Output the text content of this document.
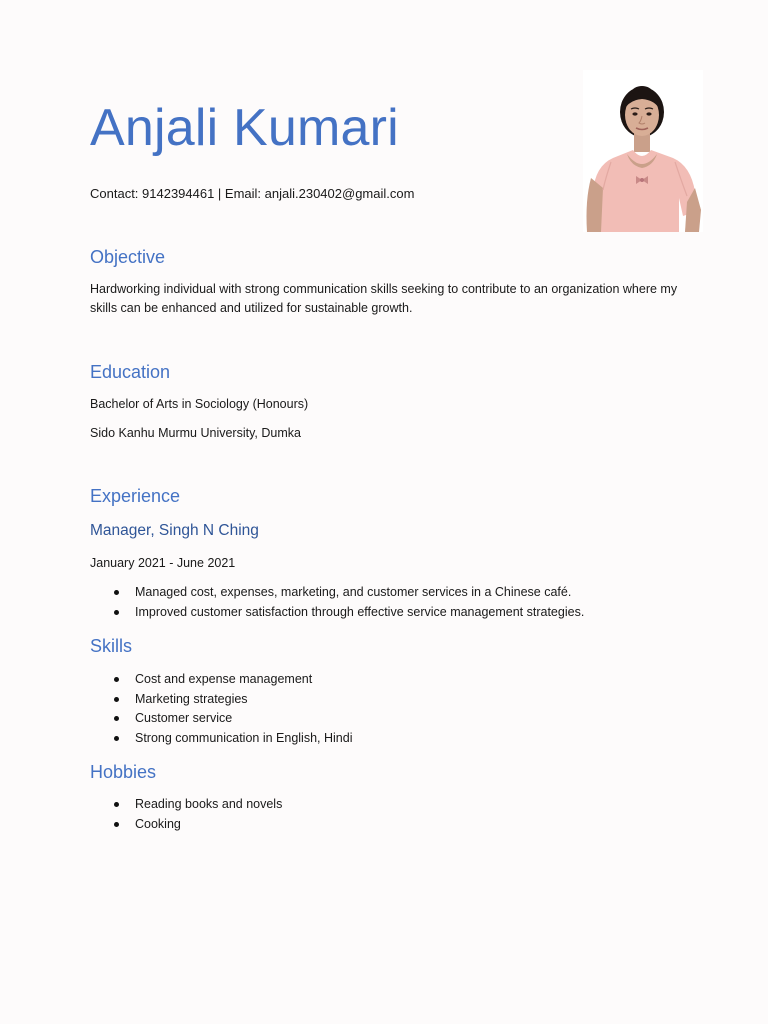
Anjali Kumari
Contact: 9142394461 | Email: anjali.230402@gmail.com
Objective

Hardworking individual with strong communication skills seeking to contribute to an organization where my skills can be enhanced and utilized for sustainable growth.

Education

Bachelor of Arts in Sociology (Honours)

Sido Kanhu Murmu University, Dumka

Experience
Manager, Singh N Ching

January 2021 - June 2021

Managed cost, expenses, marketing, and customer services in a Chinese café.
Improved customer satisfaction through effective service management strategies.
Skills
Cost and expense management
Marketing strategies
Customer service
Strong communication in English, Hindi
Hobbies
Reading books and novels
Cooking
